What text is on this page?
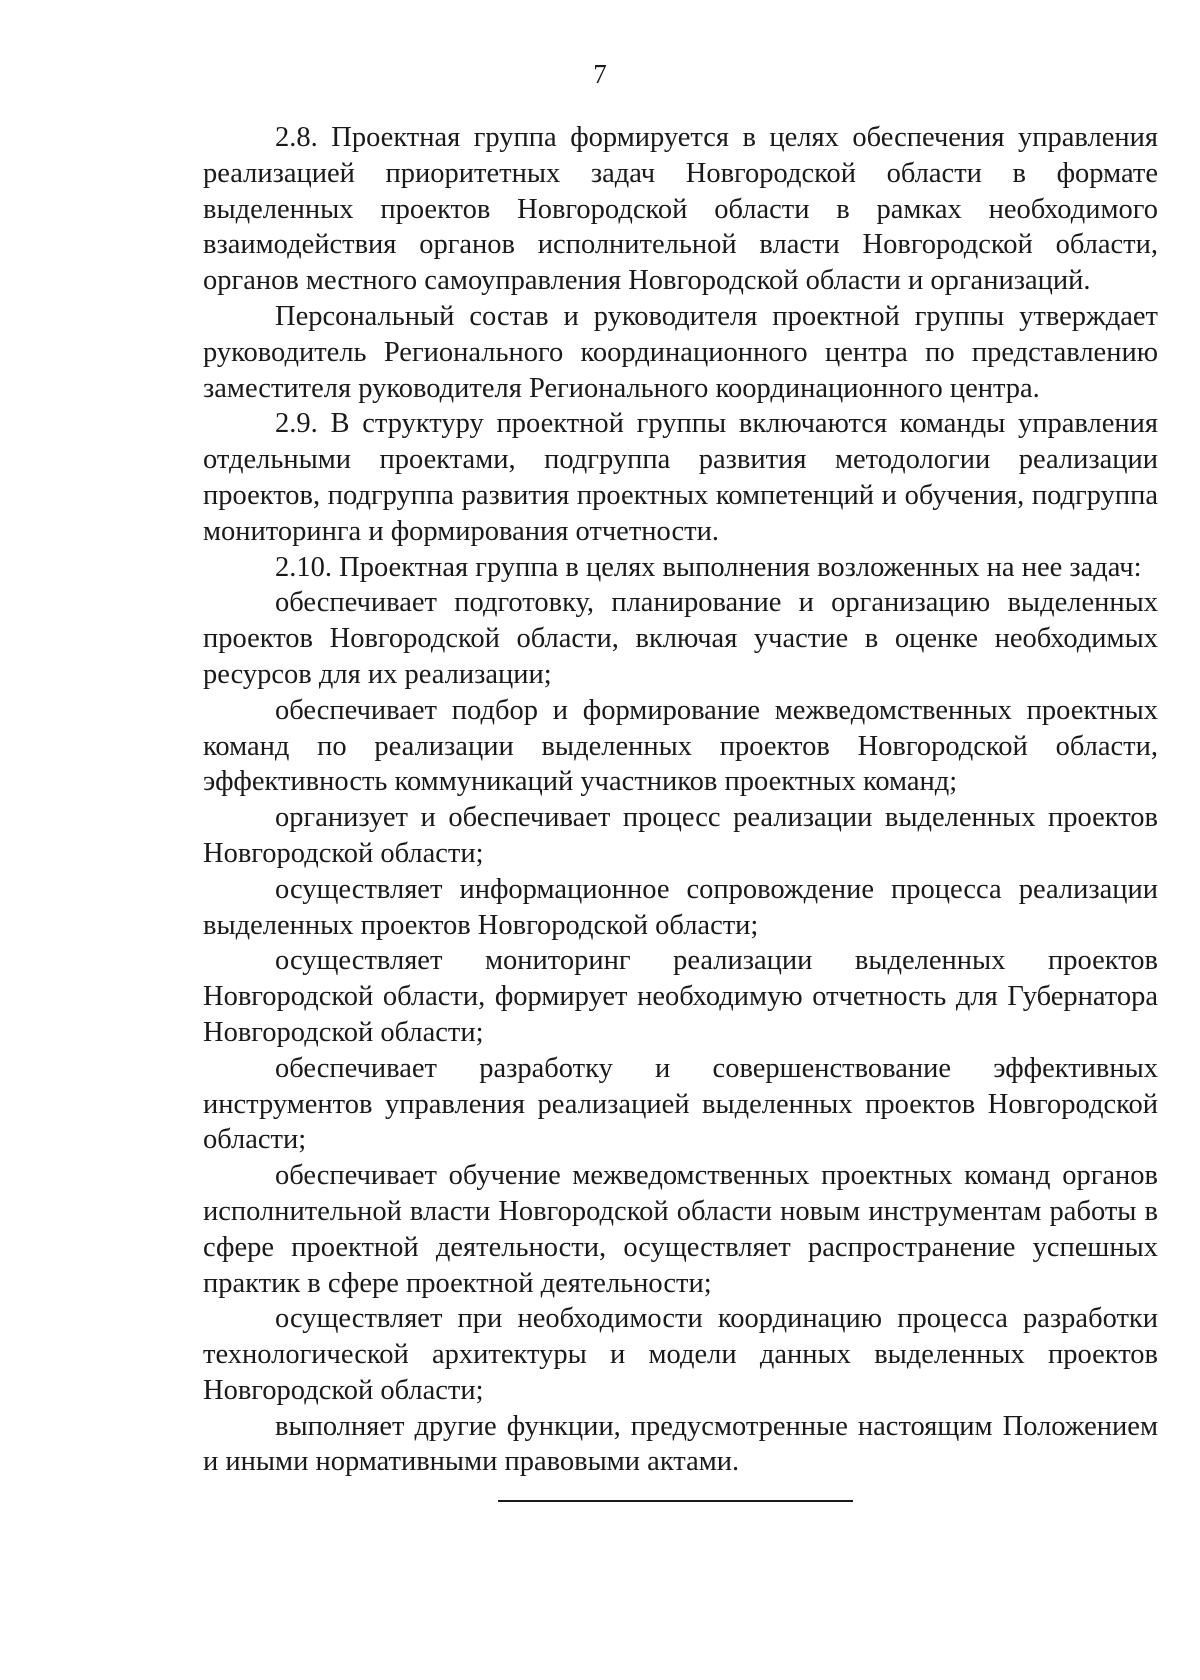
7

2.8. Проектная группа формируется в целях обеспечения управления реализацией приоритетных задач Новгородской области в формате выделенных проектов Новгородской области в рамках необходимого взаимодействия органов исполнительной власти Новгородской области, органов местного самоуправления Новгородской области и организаций.

Персональный состав и руководителя проектной группы утверждает руководитель Регионального координационного центра по представлению заместителя руководителя Регионального координационного центра.

2.9. В структуру проектной группы включаются команды управления отдельными проектами, подгруппа развития методологии реализации проектов, подгруппа развития проектных компетенций и обучения, подгруппа мониторинга и формирования отчетности.

2.10. Проектная группа в целях выполнения возложенных на нее задач:

обеспечивает подготовку, планирование и организацию выделенных проектов Новгородской области, включая участие в оценке необходимых ресурсов для их реализации;

обеспечивает подбор и формирование межведомственных проектных команд по реализации выделенных проектов Новгородской области, эффективность коммуникаций участников проектных команд;

организует и обеспечивает процесс реализации выделенных проектов Новгородской области;

осуществляет информационное сопровождение процесса реализации выделенных проектов Новгородской области;

осуществляет мониторинг реализации выделенных проектов Новгородской области, формирует необходимую отчетность для Губернатора Новгородской области;

обеспечивает разработку и совершенствование эффективных инструментов управления реализацией выделенных проектов Новгородской области;

обеспечивает обучение межведомственных проектных команд органов исполнительной власти Новгородской области новым инструментам работы в сфере проектной деятельности, осуществляет распространение успешных практик в сфере проектной деятельности;

осуществляет при необходимости координацию процесса разработки технологической архитектуры и модели данных выделенных проектов Новгородской области;

выполняет другие функции, предусмотренные настоящим Положением и иными нормативными правовыми актами.
